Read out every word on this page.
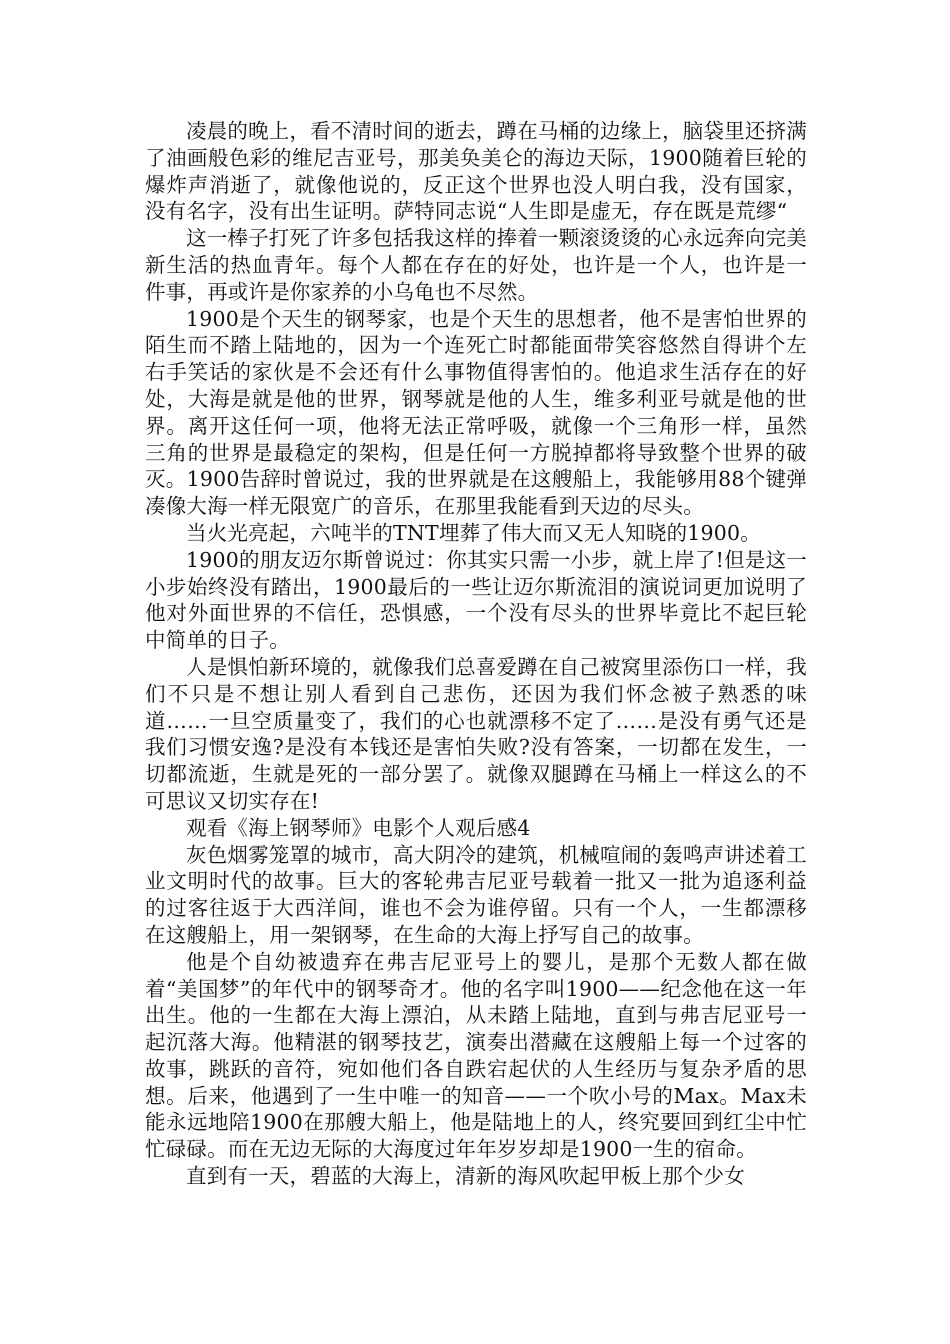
凌晨的晚上，看不清时间的逝去，蹲在马桶的边缘上，脑袋里还挤满了油画般色彩的维尼吉亚号，那美奂美仑的海边天际，1900随着巨轮的爆炸声消逝了，就像他说的，反正这个世界也没人明白我，没有国家，没有名字，没有出生证明。萨特同志说“人生即是虚无，存在既是荒缪“

这一棒子打死了许多包括我这样的捧着一颗滚烫烫的心永远奔向完美新生活的热血青年。每个人都在存在的好处，也许是一个人，也许是一件事，再或许是你家养的小乌龟也不尽然。

1900是个天生的钢琴家，也是个天生的思想者，他不是害怕世界的陌生而不踏上陆地的，因为一个连死亡时都能面带笑容悠然自得讲个左右手笑话的家伙是不会还有什么事物值得害怕的。他追求生活存在的好处，大海是就是他的世界，钢琴就是他的人生，维多利亚号就是他的世界。离开这任何一项，他将无法正常呼吸，就像一个三角形一样，虽然三角的世界是最稳定的架构，但是任何一方脱掉都将导致整个世界的破灭。1900告辞时曾说过，我的世界就是在这艘船上，我能够用88个键弹凑像大海一样无限宽广的音乐，在那里我能看到天边的尽头。

当火光亮起，六吨半的TNT埋葬了伟大而又无人知晓的1900。

1900的朋友迈尔斯曾说过：你其实只需一小步，就上岸了!但是这一小步始终没有踏出，1900最后的一些让迈尔斯流泪的演说词更加说明了他对外面世界的不信任，恐惧感，一个没有尽头的世界毕竟比不起巨轮中简单的日子。

人是惧怕新环境的，就像我们总喜爱蹲在自己被窝里添伤口一样，我们不只是不想让别人看到自己悲伤，还因为我们怀念被子熟悉的味道……一旦空质量变了，我们的心也就漂移不定了……是没有勇气还是我们习惯安逸?是没有本钱还是害怕失败?没有答案，一切都在发生，一切都流逝，生就是死的一部分罢了。就像双腿蹲在马桶上一样这么的不可思议又切实存在!

观看《海上钢琴师》电影个人观后感4

灰色烟雾笼罩的城市，高大阴冷的建筑，机械喧闹的轰鸣声讲述着工业文明时代的故事。巨大的客轮弗吉尼亚号载着一批又一批为追逐利益的过客往返于大西洋间，谁也不会为谁停留。只有一个人，一生都漂移在这艘船上，用一架钢琴，在生命的大海上抒写自己的故事。

他是个自幼被遗弃在弗吉尼亚号上的婴儿，是那个无数人都在做着“美国梦”的年代中的钢琴奇才。他的名字叫1900——纪念他在这一年出生。他的一生都在大海上漂泊，从未踏上陆地，直到与弗吉尼亚号一起沉落大海。他精湛的钢琴技艺，演奏出潜藏在这艘船上每一个过客的故事，跳跃的音符，宛如他们各自跌宕起伏的人生经历与复杂矛盾的思想。后来，他遇到了一生中唯一的知音——一个吹小号的Max。Max未能永远地陪1900在那艘大船上，他是陆地上的人，终究要回到红尘中忙忙碌碌。而在无边无际的大海度过年年岁岁却是1900一生的宿命。

直到有一天，碧蓝的大海上，清新的海风吹起甲板上那个少女
